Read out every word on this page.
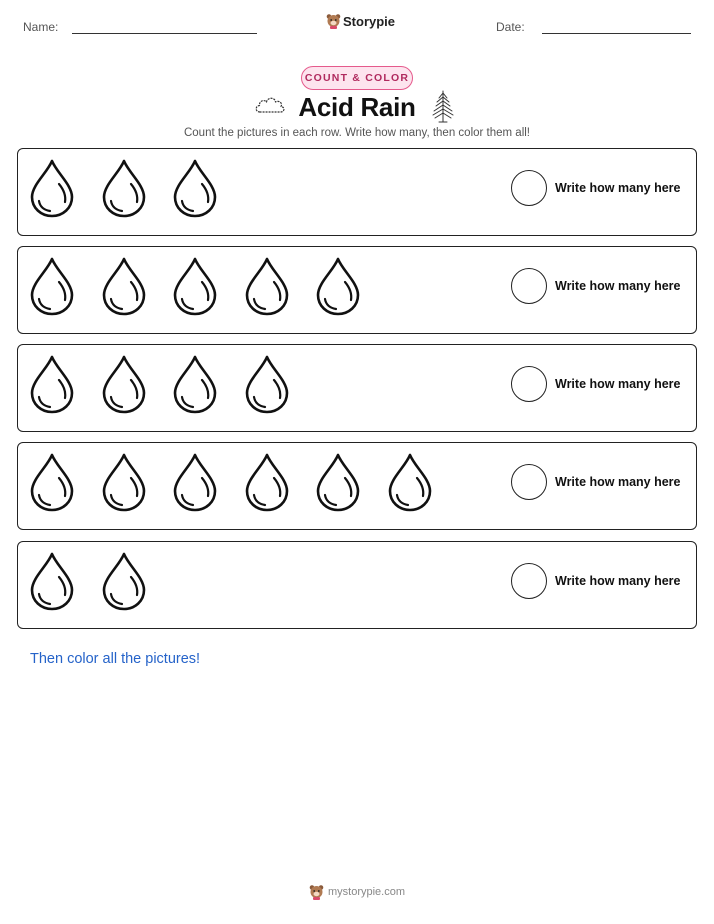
Name:	Storypie	Date:
COUNT & COLOR
Acid Rain
Count the pictures in each row. Write how many, then color them all!
Write how many here
Write how many here
Write how many here
Write how many here
Write how many here
Then color all the pictures!
mystorypie.com
